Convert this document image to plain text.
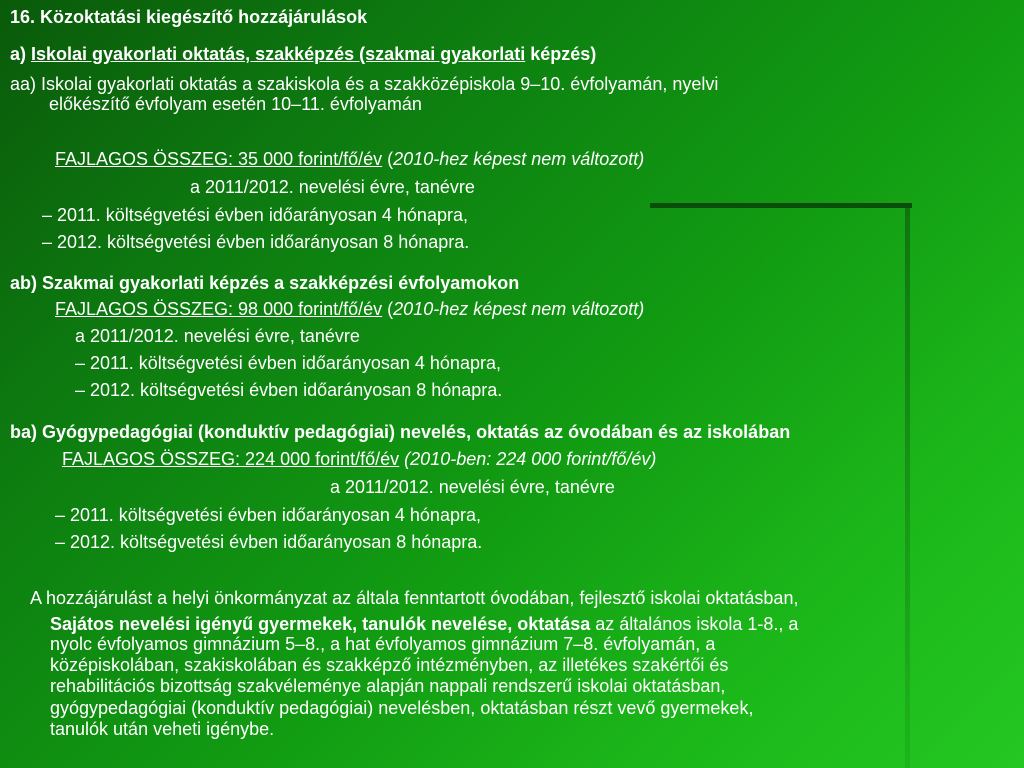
16. Közoktatási kiegészítő hozzájárulások
a) Iskolai gyakorlati oktatás, szakképzés (szakmai gyakorlati képzés)
aa) Iskolai gyakorlati oktatás a szakiskola és a szakközépiskola 9–10. évfolyamán, nyelvi
előkészítő évfolyam esetén 10–11. évfolyamán
FAJLAGOS ÖSSZEG: 35 000 forint/fő/év (2010-hez képest nem változott)
a 2011/2012. nevelési évre, tanévre
– 2011. költségvetési évben időarányosan 4 hónapra,
– 2012. költségvetési évben időarányosan 8 hónapra.
ab) Szakmai gyakorlati képzés a szakképzési évfolyamokon
FAJLAGOS ÖSSZEG: 98 000 forint/fő/év (2010-hez képest nem változott)
a 2011/2012. nevelési évre, tanévre
– 2011. költségvetési évben időarányosan 4 hónapra,
– 2012. költségvetési évben időarányosan 8 hónapra.
ba) Gyógypedagógiai (konduktív pedagógiai) nevelés, oktatás az óvodában és az iskolában
FAJLAGOS ÖSSZEG: 224 000 forint/fő/év (2010-ben: 224 000 forint/fő/év)
a 2011/2012. nevelési évre, tanévre
– 2011. költségvetési évben időarányosan 4 hónapra,
– 2012. költségvetési évben időarányosan 8 hónapra.
A hozzájárulást a helyi önkormányzat az általa fenntartott óvodában, fejlesztő iskolai oktatásban,
Sajátos nevelési igényű gyermekek, tanulók nevelése, oktatása az általános iskola 1-8., a
nyolc évfolyamos gimnázium 5–8., a hat évfolyamos gimnázium 7–8. évfolyamán, a
középiskolában, szakiskolában és szakképző intézményben, az illetékes szakértői és
rehabilitációs bizottság szakvéleménye alapján nappali rendszerű iskolai oktatásban,
gyógypedagógiai (konduktív pedagógiai) nevelésben, oktatásban részt vevő gyermekek,
tanulók után veheti igénybe.
